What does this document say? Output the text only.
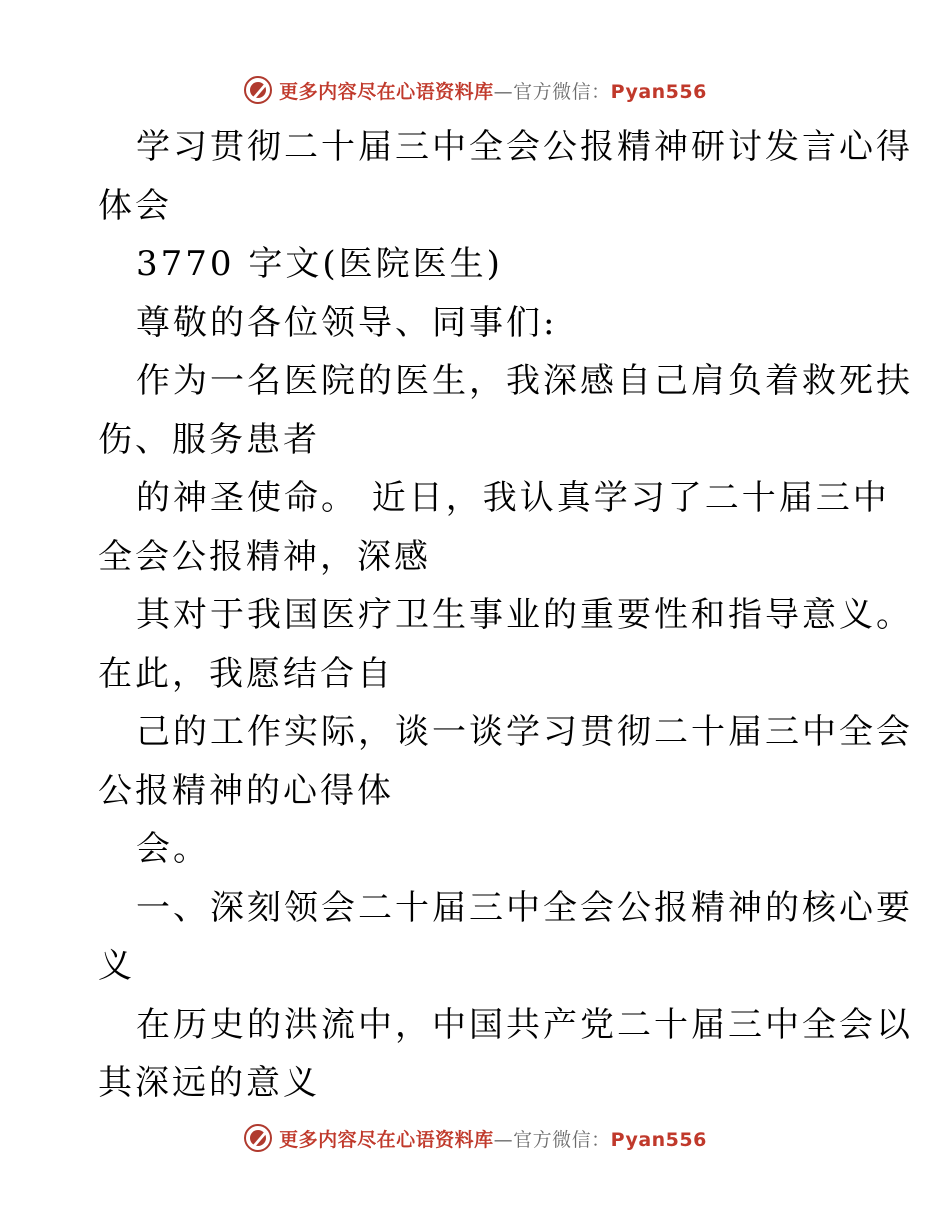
更多内容尽在心语资料库—官方微信：Pyan556
学习贯彻二十届三中全会公报精神研讨发言心得
体会
3770 字文(医院医生)
尊敬的各位领导、同事们:
作为一名医院的医生，我深感自己肩负着救死扶
伤、服务患者
的神圣使命。 近日，我认真学习了二十届三中
全会公报精神，深感
其对于我国医疗卫生事业的重要性和指导意义。
在此，我愿结合自
己的工作实际，谈一谈学习贯彻二十届三中全会
公报精神的心得体
会。
一、深刻领会二十届三中全会公报精神的核心要
义
在历史的洪流中，中国共产党二十届三中全会以
其深远的意义
更多内容尽在心语资料库—官方微信：Pyan556
